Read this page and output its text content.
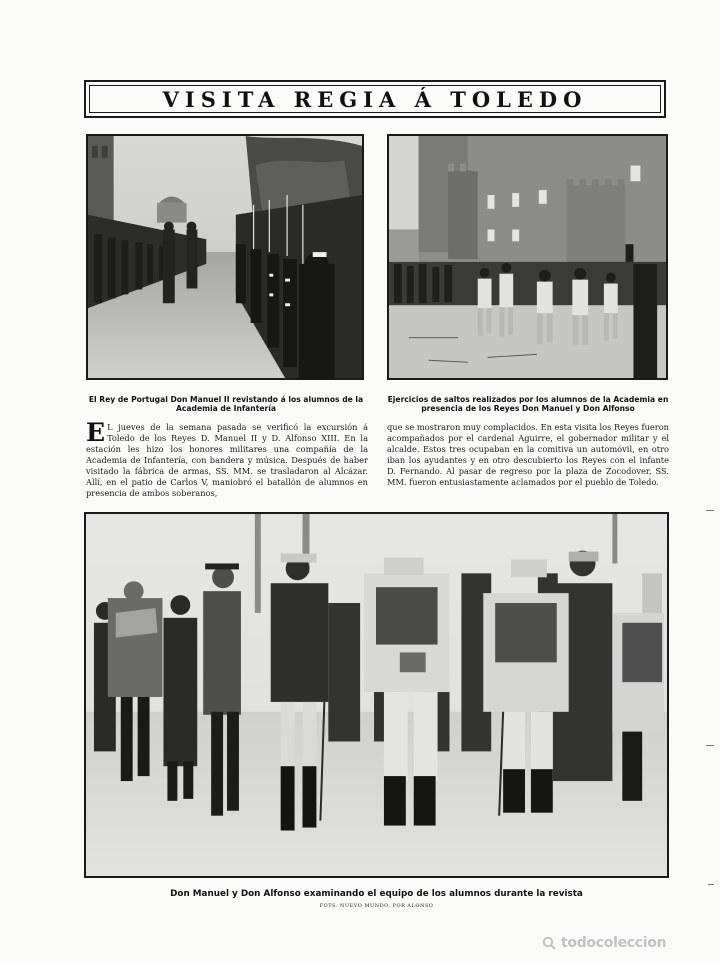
VISITA REGIA Á TOLEDO
El Rey de Portugal Don Manuel II revistando á los alumnos de la Academia de Infantería
Ejercicios de saltos realizados por los alumnos de la Academia en presencia de los Reyes Don Manuel y Don Alfonso
E L jueves de la semana pasada se verificó la excursión á Toledo de los Reyes D. Manuel II y D. Alfonso XIII. En la estación les hizo los honores militares una compañía de la Academia de Infantería, con bandera y música. Después de haber visitado la fábrica de armas, SS. MM. se trasladaron al Alcázar. Allí, en el patio de Carlos V, maniobró el batallón de alumnos en presencia de ambos soberanos,
que se mostraron muy complacidos. En esta visita los Reyes fueron acompañados por el cardenal Aguirre, el gobernador militar y el alcalde. Estos tres ocupaban en la comitiva un automóvil, en otro iban los ayudantes y en otro descubierto los Reyes con el infante D. Fernando. Al pasar de regreso por la plaza de Zocodover, SS. MM. fueron entusiastamente aclamados por el pueblo de Toledo.
Don Manuel y Don Alfonso examinando el equipo de los alumnos durante la revista
FOTS. NUEVO MUNDO, POR ALONSO
todocoleccion
